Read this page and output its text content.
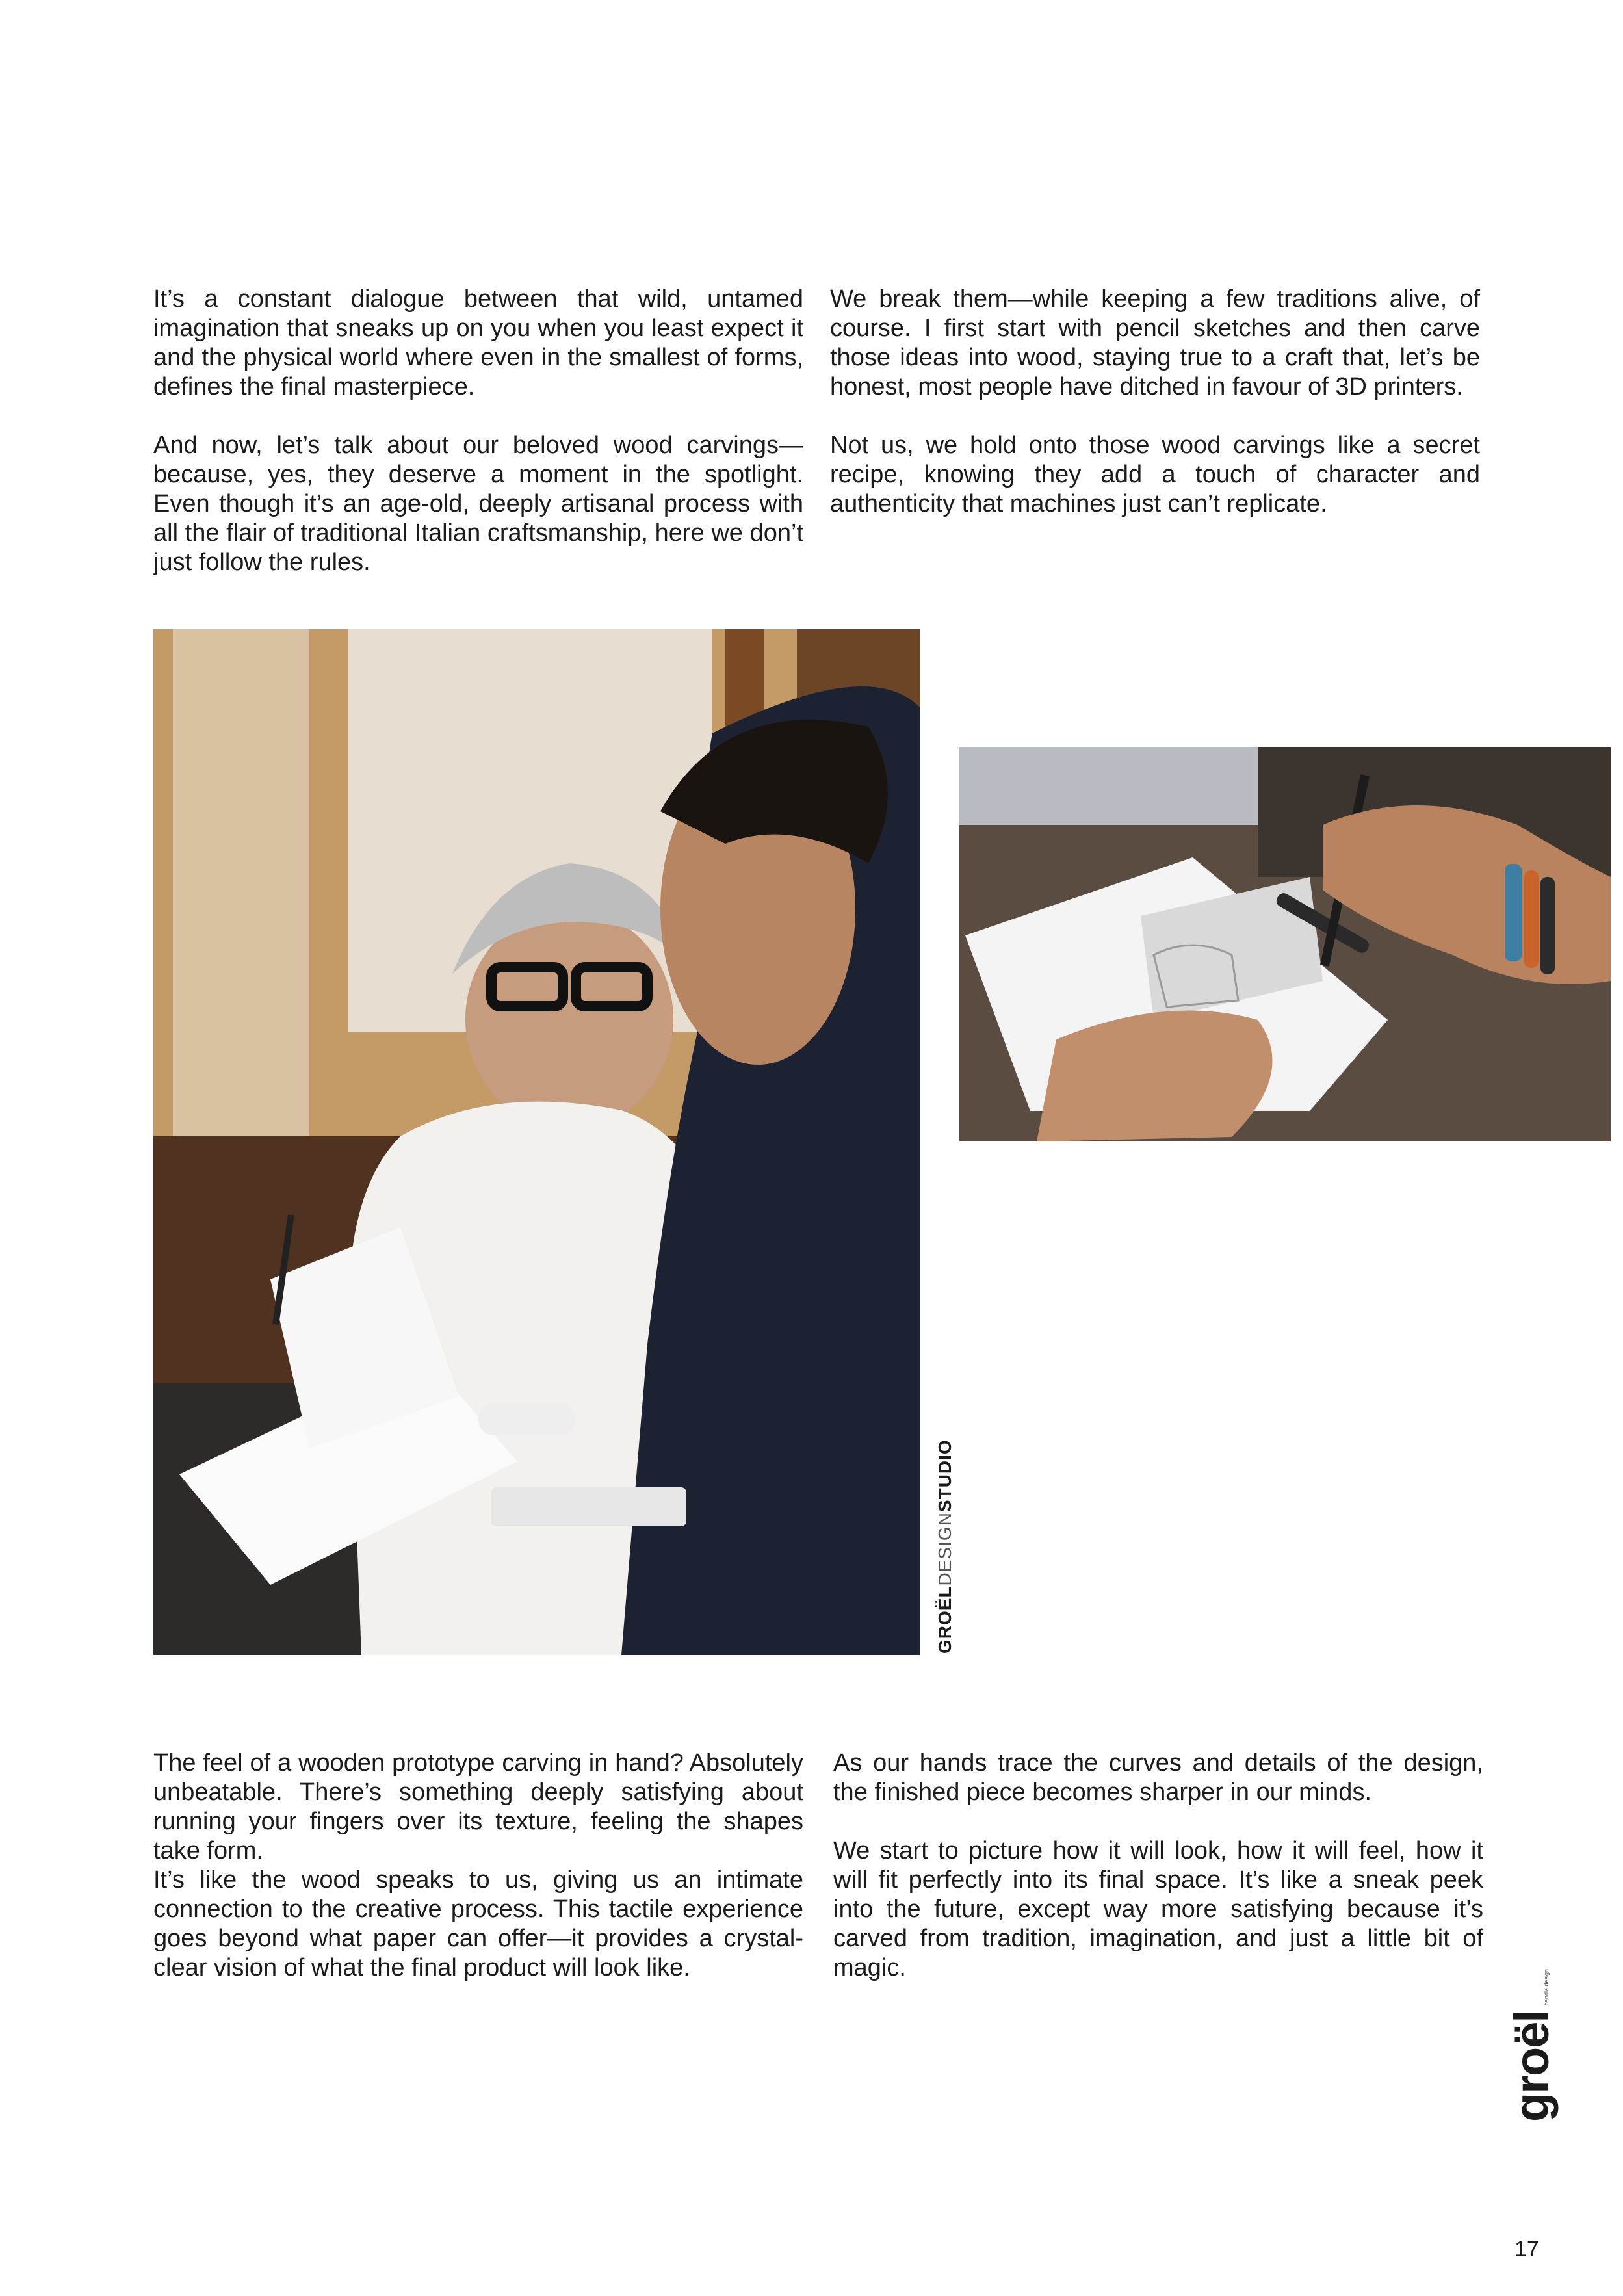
It’s a constant dialogue between that wild, untamed imagination that sneaks up on you when you least expect it and the physical world where even in the smallest of forms, defines the final masterpiece.

And now, let’s talk about our beloved wood carvings—because, yes, they deserve a moment in the spotlight. Even though it’s an age-old, deeply artisanal process with all the flair of traditional Italian craftsmanship, here we don’t just follow the rules.

We break them—while keeping a few traditions alive, of course. I first start with pencil sketches and then carve those ideas into wood, staying true to a craft that, let’s be honest, most people have ditched in favour of 3D printers.

Not us, we hold onto those wood carvings like a secret recipe, knowing they add a touch of character and authenticity that machines just can’t replicate.

GROËLDESIGNSTUDIO

The feel of a wooden prototype carving in hand? Absolutely unbeatable. There’s something deeply satisfying about running your fingers over its texture, feeling the shapes take form.

It’s like the wood speaks to us, giving us an intimate connection to the creative process. This tactile experience goes beyond what paper can offer—it provides a crystal-clear vision of what the final product will look like.

As our hands trace the curves and details of the design, the finished piece becomes sharper in our minds.

We start to picture how it will look, how it will feel, how it will fit perfectly into its final space. It’s like a sneak peek into the future, except way more satisfying because it’s carved from tradition, imagination, and just a little bit of magic.

groël
handle design
17
